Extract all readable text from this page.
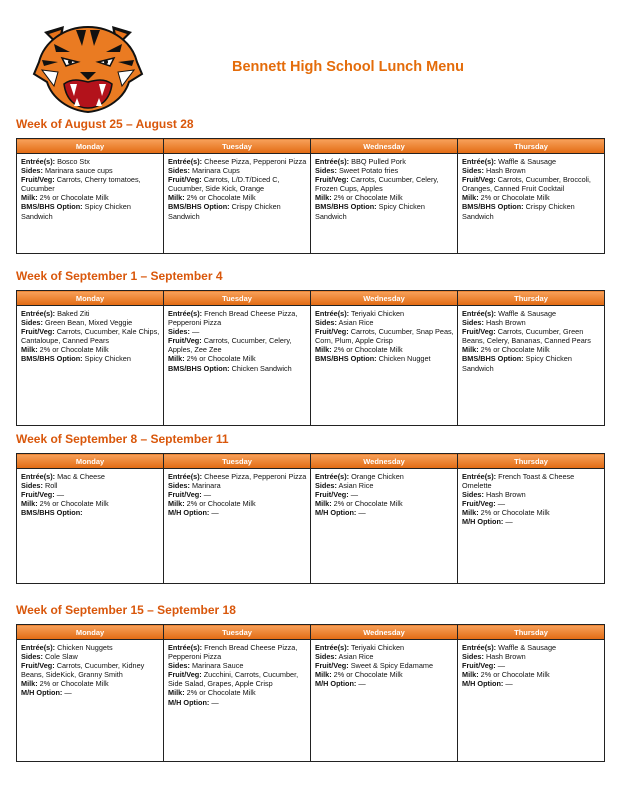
Bennett High School Lunch Menu
Week of August 25 – August 28
Monday	Tuesday	Wednesday	Thursday

Entrée(s): Bosco Stx
Sides: Marinara sauce cups
Fruit/Veg: Carrots, Cherry tomatoes, Cucumber
Milk: 2% or Chocolate Milk
BMS/BHS Option: Spicy Chicken Sandwich	Entrée(s): Cheese Pizza, Pepperoni Pizza
Sides: Marinara Cups
Fruit/Veg: Carrots, L/D.T/Diced C, Cucumber, Side Kick, Orange
Milk: 2% or Chocolate Milk
BMS/BHS Option: Crispy Chicken Sandwich	Entrée(s): BBQ Pulled Pork
Sides: Sweet Potato fries
Fruit/Veg: Carrots, Cucumber, Celery, Frozen Cups, Apples
Milk: 2% or Chocolate Milk
BMS/BHS Option: Spicy Chicken Sandwich	Entrée(s): Waffle & Sausage
Sides: Hash Brown
Fruit/Veg: Carrots, Cucumber, Broccoli, Oranges, Canned Fruit Cocktail
Milk: 2% or Chocolate Milk
BMS/BHS Option: Crispy Chicken Sandwich
Week of September 1 – September 4
Monday	Tuesday	Wednesday	Thursday

Entrée(s): Baked Ziti
Sides: Green Bean, Mixed Veggie
Fruit/Veg: Carrots, Cucumber, Kale Chips, Cantaloupe, Canned Pears
Milk: 2% or Chocolate Milk
BMS/BHS Option: Spicy Chicken	Entrée(s): French Bread Cheese Pizza, Pepperoni Pizza
Sides: —
Fruit/Veg: Carrots, Cucumber, Celery, Apples, Zee Zee
Milk: 2% or Chocolate Milk
BMS/BHS Option: Chicken Sandwich	Entrée(s): Teriyaki Chicken
Sides: Asian Rice
Fruit/Veg: Carrots, Cucumber, Snap Peas, Corn, Plum, Apple Crisp
Milk: 2% or Chocolate Milk
BMS/BHS Option: Chicken Nugget	Entrée(s): Waffle & Sausage
Sides: Hash Brown
Fruit/Veg: Carrots, Cucumber, Green Beans, Celery, Bananas, Canned Pears
Milk: 2% or Chocolate Milk
BMS/BHS Option: Spicy Chicken Sandwich
Week of September 8 – September 11
Monday	Tuesday	Wednesday	Thursday

Entrée(s): Mac & Cheese
Sides: Roll
Fruit/Veg: —
Milk: 2% or Chocolate Milk
BMS/BHS Option:	Entrée(s): Cheese Pizza, Pepperoni Pizza
Sides: Marinara
Fruit/Veg: —
Milk: 2% or Chocolate Milk
M/H Option: —	Entrée(s): Orange Chicken
Sides: Asian Rice
Fruit/Veg: —
Milk: 2% or Chocolate Milk
M/H Option: —	Entrée(s): French Toast & Cheese Omelette
Sides: Hash Brown
Fruit/Veg: —
Milk: 2% or Chocolate Milk
M/H Option: —
Week of September 15 – September 18
Monday	Tuesday	Wednesday	Thursday

Entrée(s): Chicken Nuggets
Sides: Cole Slaw
Fruit/Veg: Carrots, Cucumber, Kidney Beans, SideKick, Granny Smith
Milk: 2% or Chocolate Milk
M/H Option: —	Entrée(s): French Bread Cheese Pizza, Pepperoni Pizza
Sides: Marinara Sauce
Fruit/Veg: Zucchini, Carrots, Cucumber, Side Salad, Grapes, Apple Crisp
Milk: 2% or Chocolate Milk
M/H Option: —	Entrée(s): Teriyaki Chicken
Sides: Asian Rice
Fruit/Veg: Sweet & Spicy Edamame
Milk: 2% or Chocolate Milk
M/H Option: —	Entrée(s): Waffle & Sausage
Sides: Hash Brown
Fruit/Veg: —
Milk: 2% or Chocolate Milk
M/H Option: —
